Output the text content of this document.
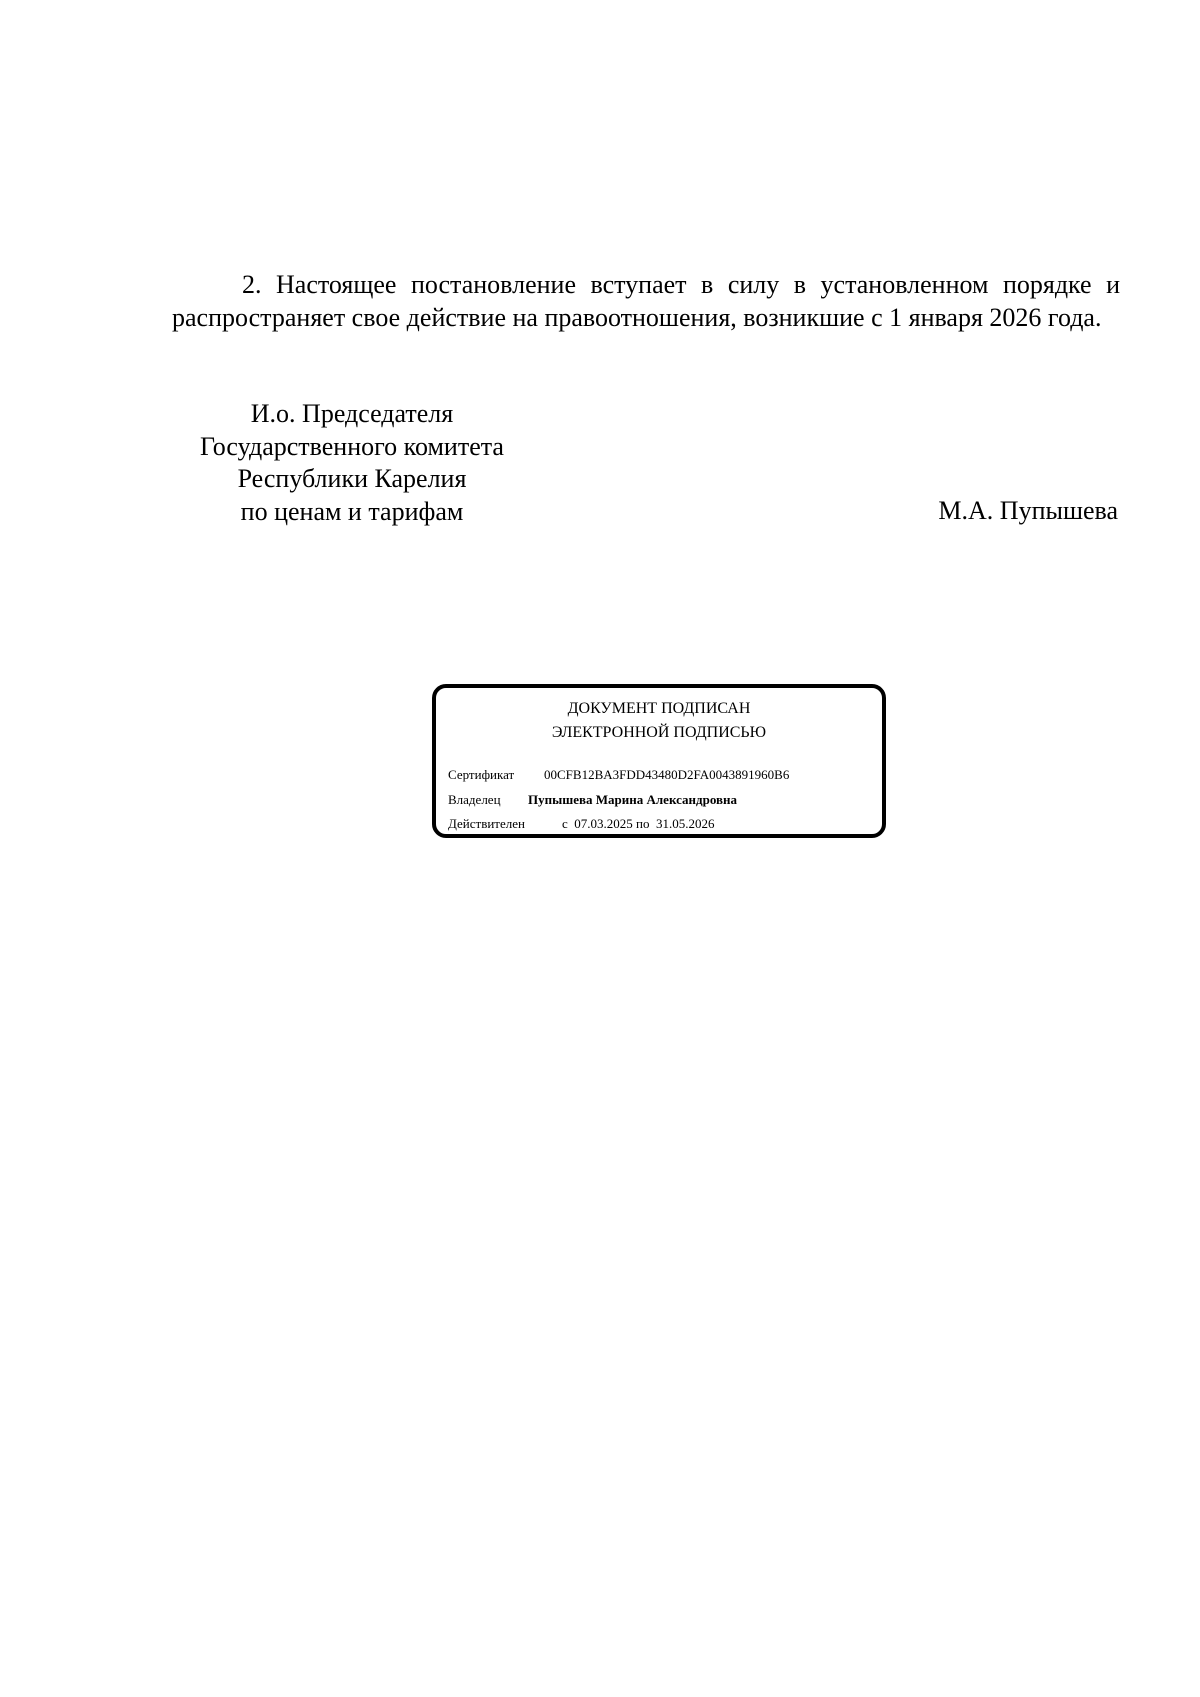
2. Настоящее постановление вступает в силу в установленном порядке и распространяет свое действие на правоотношения, возникшие с 1 января 2026 года.

И.о. Председателя
Государственного комитета
Республики Карелия
по ценам и тарифам	М.А. Пупышева
ДОКУМЕНТ ПОДПИСАН
ЭЛЕКТРОННОЙ ПОДПИСЬЮ
Сертификат 00CFB12BA3FDD43480D2FA0043891960B6
Владелец Пупышева Марина Александровна
Действителен	с 07.03.2025 по 31.05.2026
